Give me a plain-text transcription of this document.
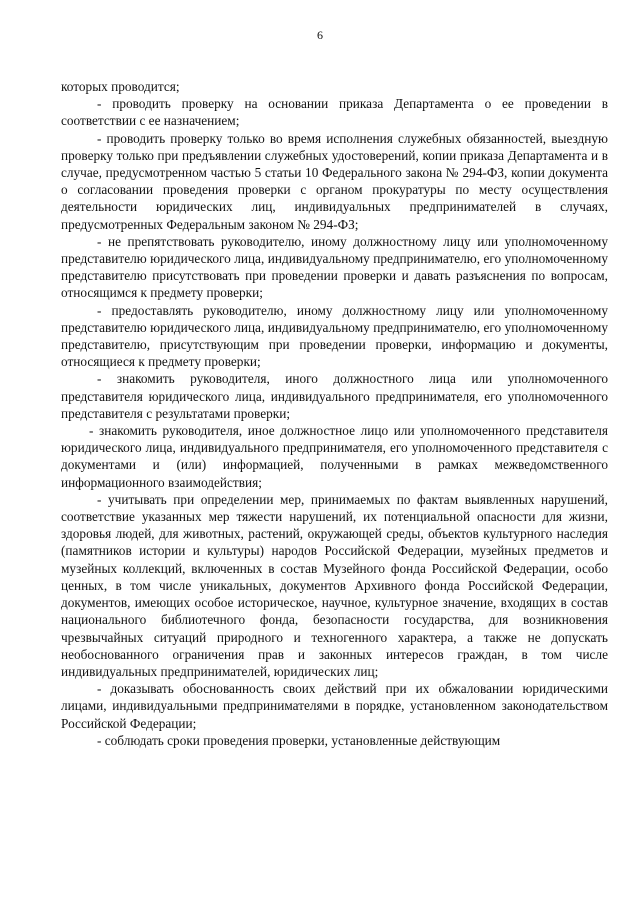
6

которых проводится;

- проводить проверку на основании приказа Департамента о ее проведении в соответствии с ее назначением;

- проводить проверку только во время исполнения служебных обязанностей, выездную проверку только при предъявлении служебных удостоверений, копии приказа Департамента и в случае, предусмотренном частью 5 статьи 10 Федерального закона № 294-ФЗ, копии документа о согласовании проведения проверки с органом прокуратуры по месту осуществления деятельности юридических лиц, индивидуальных предпринимателей в случаях, предусмотренных Федеральным законом № 294-ФЗ;

- не препятствовать руководителю, иному должностному лицу или уполномоченному представителю юридического лица, индивидуальному предпринимателю, его уполномоченному представителю присутствовать при проведении проверки и давать разъяснения по вопросам, относящимся к предмету проверки;

- предоставлять руководителю, иному должностному лицу или уполномоченному представителю юридического лица, индивидуальному предпринимателю, его уполномоченному представителю, присутствующим при проведении проверки, информацию и документы, относящиеся к предмету проверки;

- знакомить руководителя, иного должностного лица или уполномоченного представителя юридического лица, индивидуального предпринимателя, его уполномоченного представителя с результатами проверки;

- знакомить руководителя, иное должностное лицо или уполномоченного представителя юридического лица, индивидуального предпринимателя, его уполномоченного представителя с документами и (или) информацией, полученными в рамках межведомственного информационного взаимодействия;

- учитывать при определении мер, принимаемых по фактам выявленных нарушений, соответствие указанных мер тяжести нарушений, их потенциальной опасности для жизни, здоровья людей, для животных, растений, окружающей среды, объектов культурного наследия (памятников истории и культуры) народов Российской Федерации, музейных предметов и музейных коллекций, включенных в состав Музейного фонда Российской Федерации, особо ценных, в том числе уникальных, документов Архивного фонда Российской Федерации, документов, имеющих особое историческое, научное, культурное значение, входящих в состав национального библиотечного фонда, безопасности государства, для возникновения чрезвычайных ситуаций природного и техногенного характера, а также не допускать необоснованного ограничения прав и законных интересов граждан, в том числе индивидуальных предпринимателей, юридических лиц;

- доказывать обоснованность своих действий при их обжаловании юридическими лицами, индивидуальными предпринимателями в порядке, установленном законодательством Российской Федерации;

- соблюдать сроки проведения проверки, установленные действующим
